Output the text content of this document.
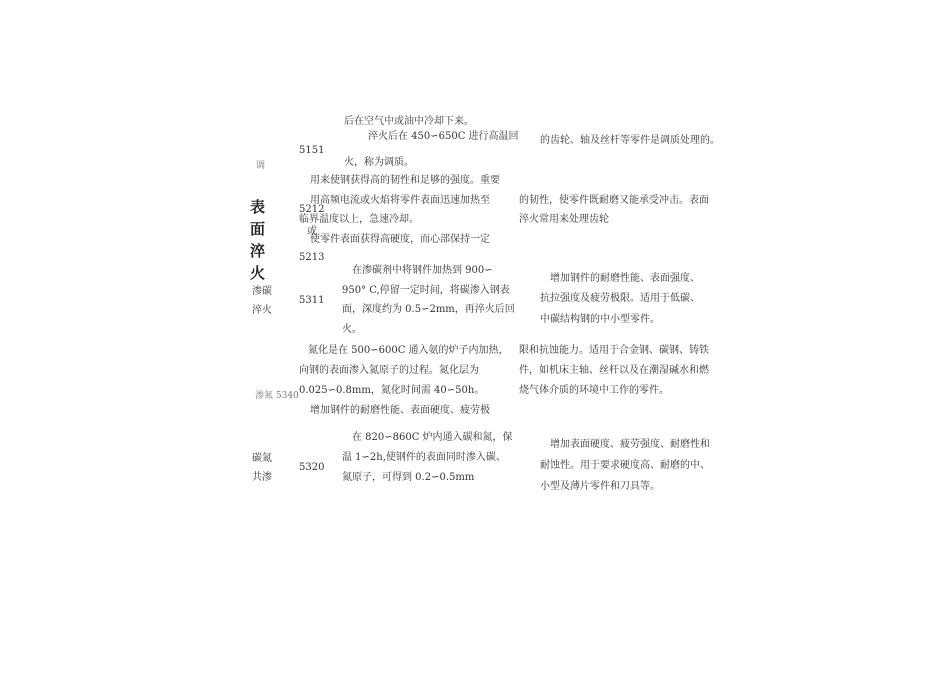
调
5151
后在空气中或油中冷却下来。
淬火后在 450∽650C 进行高温回
火，称为调质。
的齿轮、轴及丝杆等零件是调质处理的。
表面淬火
用来使钢获得高的韧性和足够的强度。重要
用高频电流或火焰将零件表面迅速加热至
5212
临界温度以上，急速冷却。
或
使零件表面获得高硬度，而心部保持一定
5213
的韧性，使零件既耐磨又能承受冲击。表面
淬火常用来处理齿轮
渗碳
淬火
5311
在渗碳剂中将钢件加热到 900∽
950° C,停留一定时间，将碳渗入钢表
面，深度约为 0.5∽2mm，再淬火后回
火。
增加钢件的耐磨性能、表面强度、
抗拉强度及疲劳极限。适用于低碳、
中碳结构钢的中小型零件。
氮化是在 500∽600C 通入氨的炉子内加热，
向钢的表面渗入氮原子的过程。氮化层为
0.025∽0.8mm，氮化时间需 40∽50h。
渗氮 5340
增加钢件的耐磨性能、表面硬度、疲劳极
限和抗蚀能力。适用于合金钢、碳钢、铸铁
件，如机床主轴、丝杆以及在潮湿碱水和燃
烧气体介质的环境中工作的零件。
碳氮
共渗
5320
在 820∽860C 炉内通入碳和氮，保
温 1∽2h,使钢件的表面同时渗入碳、
氮原子，可得到 0.2∽0.5mm
增加表面硬度、疲劳强度、耐磨性和
耐蚀性。用于要求硬度高、耐磨的中、
小型及薄片零件和刀具等。
